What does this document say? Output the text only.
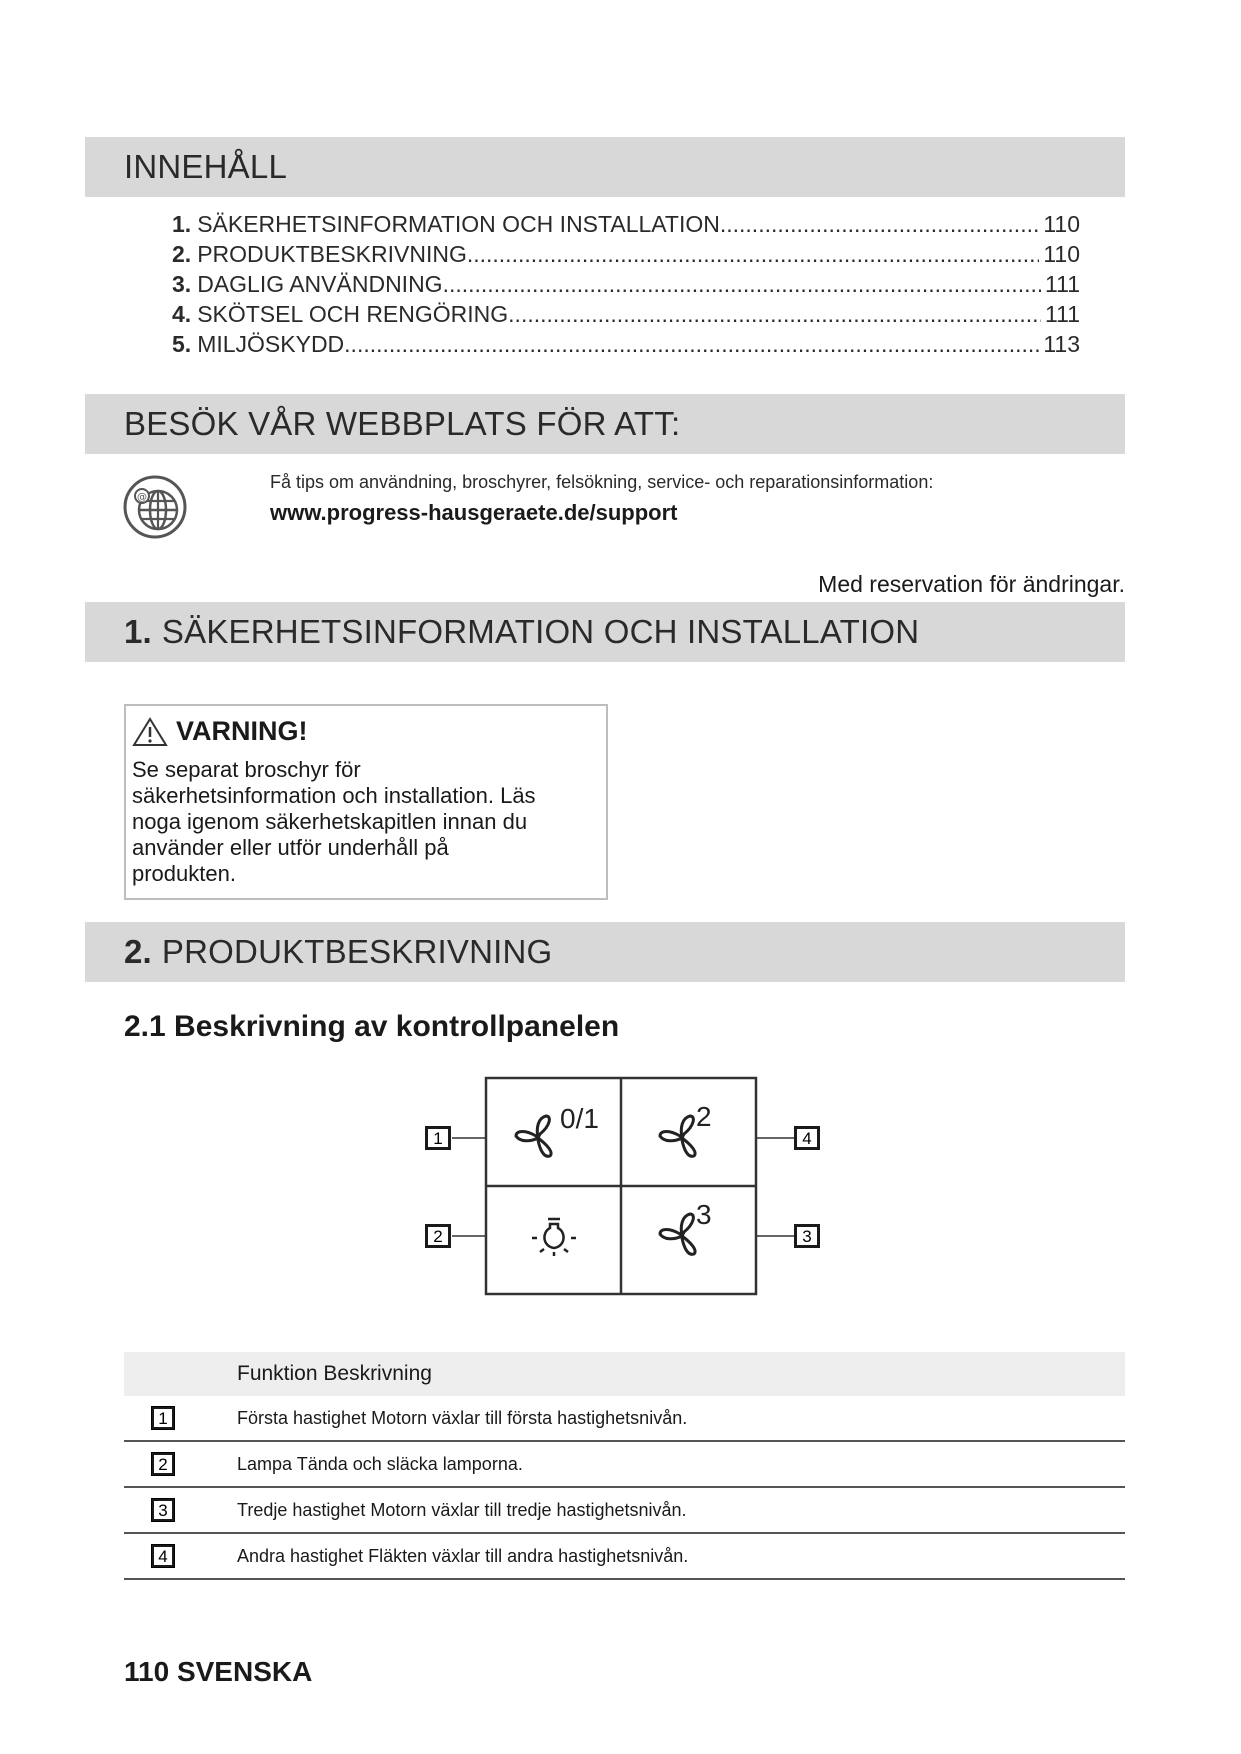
INNEHÅLL
1. SÄKERHETSINFORMATION OCH INSTALLATION .....	110
2. PRODUKTBESKRIVNING .....	110
3. DAGLIG ANVÄNDNING .....	111
4. SKÖTSEL OCH RENGÖRING .....	111
5. MILJÖSKYDD .....	113
BESÖK VÅR WEBBPLATS FÖR ATT:
@
Få tips om användning, broschyrer, felsökning, service- och reparationsinformation:
www.progress-hausgeraete.de/support
Med reservation för ändringar.
1. SÄKERHETSINFORMATION OCH INSTALLATION
VARNING!
Se separat broschyr för
säkerhetsinformation och installation. Läs
noga igenom säkerhetskapitlen innan du
använder eller utför underhåll på
produkten.
2. PRODUKTBESKRIVNING
2.1 Beskrivning av kontrollpanelen
1
2
4
3
0/1	2
3
Funktion Beskrivning
1	Första hastighet Motorn växlar till första hastighetsnivån.
2	Lampa Tända och släcka lamporna.
3	Tredje hastighet Motorn växlar till tredje hastighetsnivån.
4	Andra hastighet Fläkten växlar till andra hastighetsnivån.
110 SVENSKA
